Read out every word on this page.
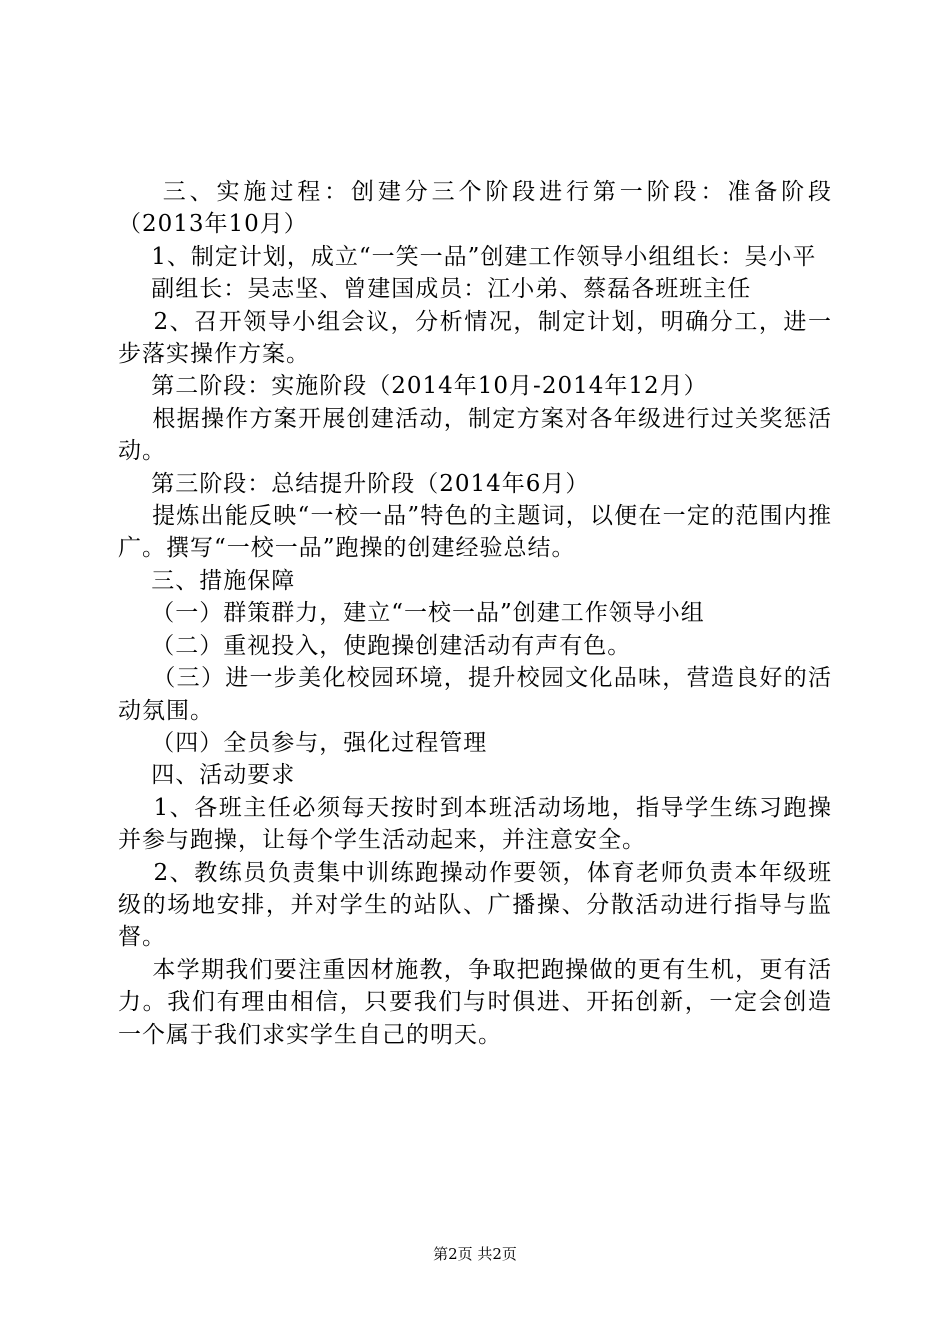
三、实施过程：创建分三个阶段进行第一阶段：准备阶段（2013年10月）

1、制定计划，成立“一笑一品”创建工作领导小组组长：吴小平

副组长：吴志坚、曾建国成员：江小弟、蔡磊各班班主任

2、召开领导小组会议，分析情况，制定计划，明确分工，进一步落实操作方案。

第二阶段：实施阶段（2014年10月-2014年12月）

根据操作方案开展创建活动，制定方案对各年级进行过关奖惩活动。

第三阶段：总结提升阶段（2014年6月）

提炼出能反映“一校一品”特色的主题词，以便在一定的范围内推广。撰写“一校一品”跑操的创建经验总结。

三、措施保障

（一）群策群力，建立“一校一品”创建工作领导小组

（二）重视投入，使跑操创建活动有声有色。

（三）进一步美化校园环境，提升校园文化品味，营造良好的活动氛围。

（四）全员参与，强化过程管理

四、活动要求

1、各班主任必须每天按时到本班活动场地，指导学生练习跑操并参与跑操，让每个学生活动起来，并注意安全。

2、教练员负责集中训练跑操动作要领，体育老师负责本年级班级的场地安排，并对学生的站队、广播操、分散活动进行指导与监督。

本学期我们要注重因材施教，争取把跑操做的更有生机，更有活力。我们有理由相信，只要我们与时俱进、开拓创新，一定会创造一个属于我们求实学生自己的明天。

第2页 共2页
